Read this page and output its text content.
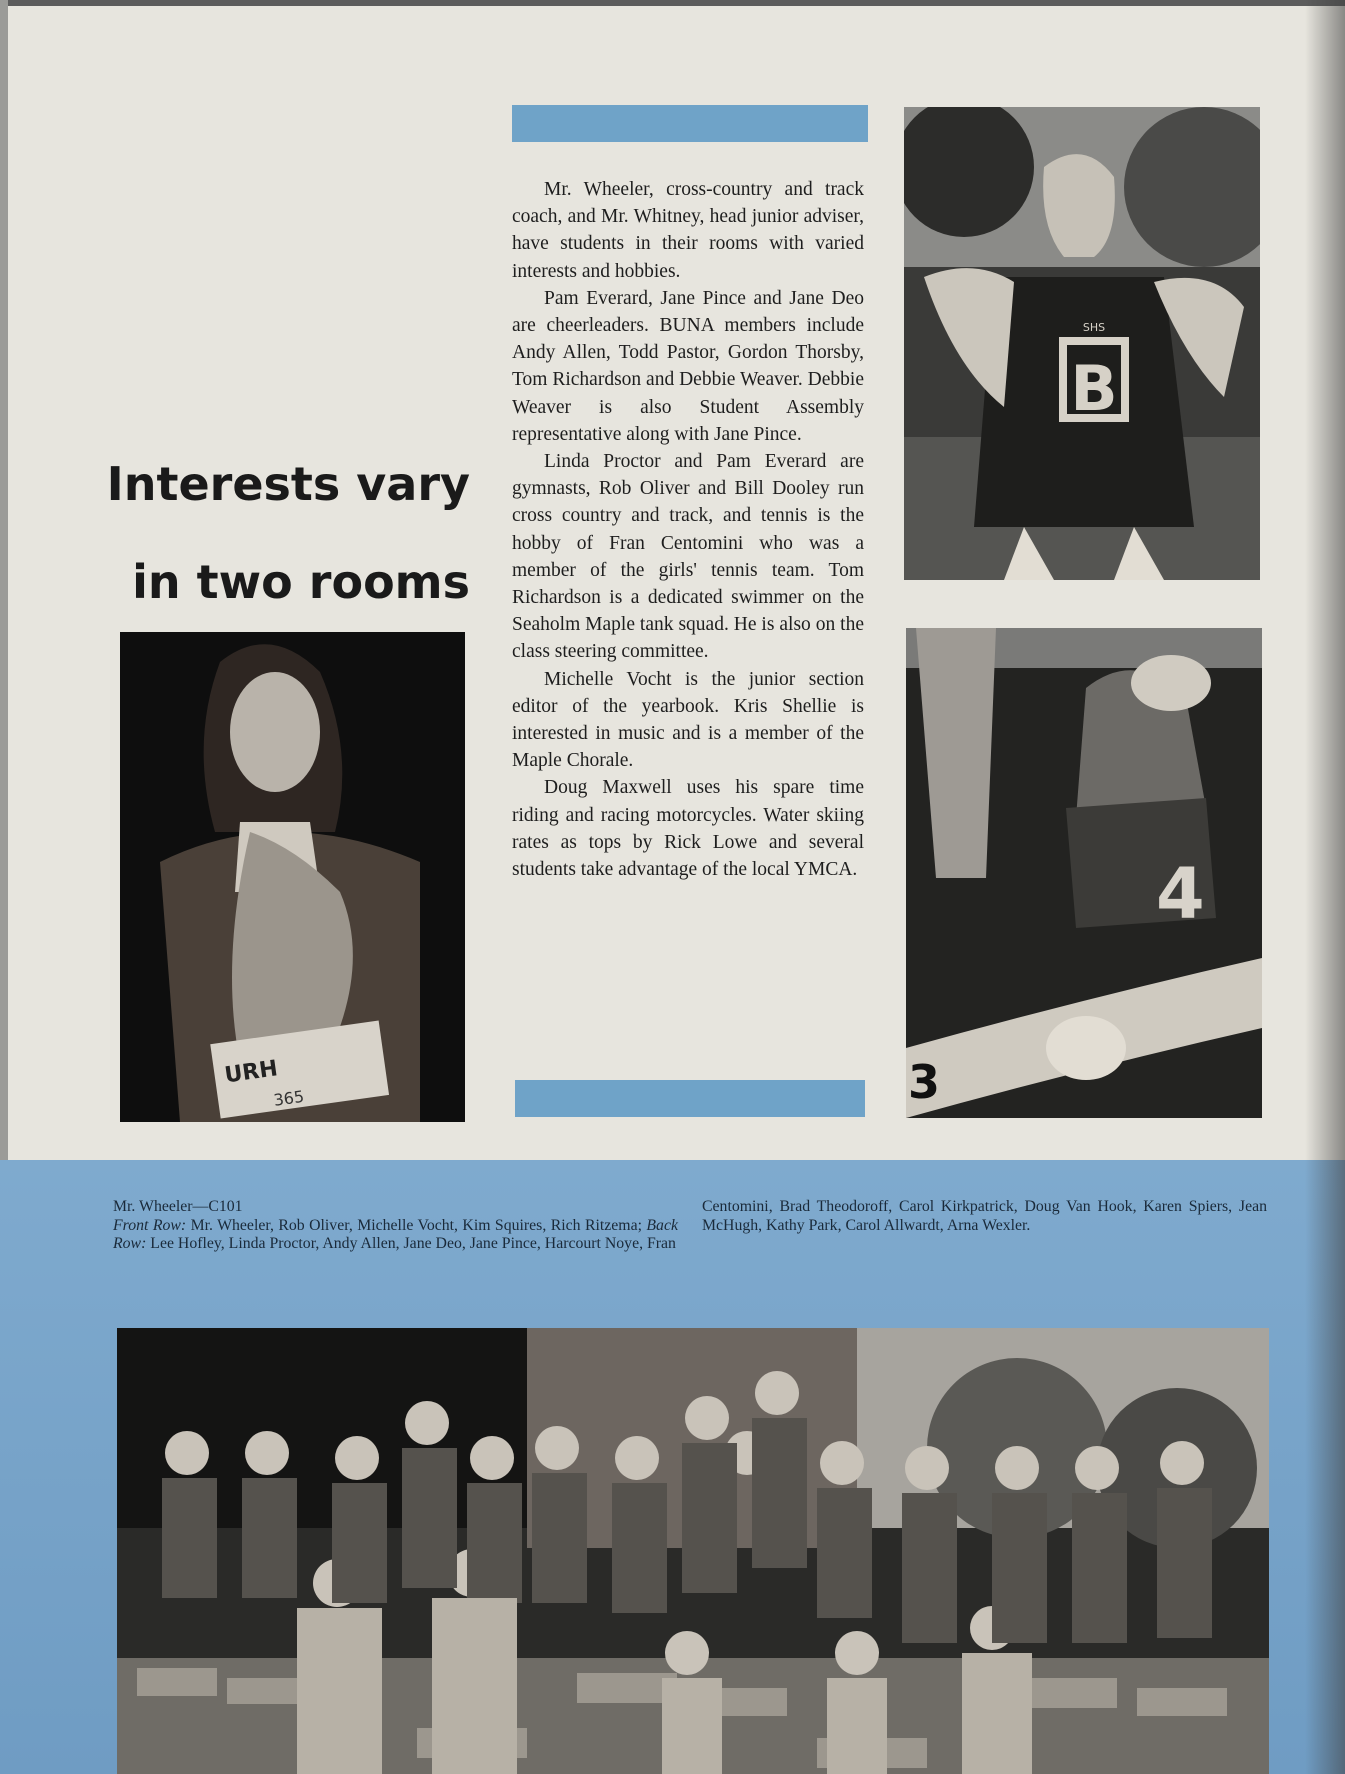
Interests vary
in two rooms

Mr. Wheeler, cross-country and track coach, and Mr. Whitney, head junior adviser, have students in their rooms with varied interests and hobbies.

Pam Everard, Jane Pince and Jane Deo are cheerleaders. BUNA members include Andy Allen, Todd Pastor, Gordon Thorsby, Tom Richardson and Debbie Weaver. Debbie Weaver is also Student Assembly representative along with Jane Pince.

Linda Proctor and Pam Everard are gymnasts, Rob Oliver and Bill Dooley run cross country and track, and tennis is the hobby of Fran Centomini who was a member of the girls' tennis team. Tom Richardson is a dedicated swimmer on the Seaholm Maple tank squad. He is also on the class steering committee.

Michelle Vocht is the junior section editor of the yearbook. Kris Shellie is interested in music and is a member of the Maple Chorale.

Doug Maxwell uses his spare time riding and racing motorcycles. Water skiing rates as tops by Rick Lowe and several students take advantage of the local YMCA.

URH
365
B
SHS
4
3
Mr. Wheeler—C101
Front Row: Mr. Wheeler, Rob Oliver, Michelle Vocht, Kim Squires, Rich Ritzema; Back Row: Lee Hofley, Linda Proctor, Andy Allen, Jane Deo, Jane Pince, Harcourt Noye, Fran
Centomini, Brad Theodoroff, Carol Kirkpatrick, Doug Van Hook, Karen Spiers, Jean McHugh, Kathy Park, Carol Allwardt, Arna Wexler.
